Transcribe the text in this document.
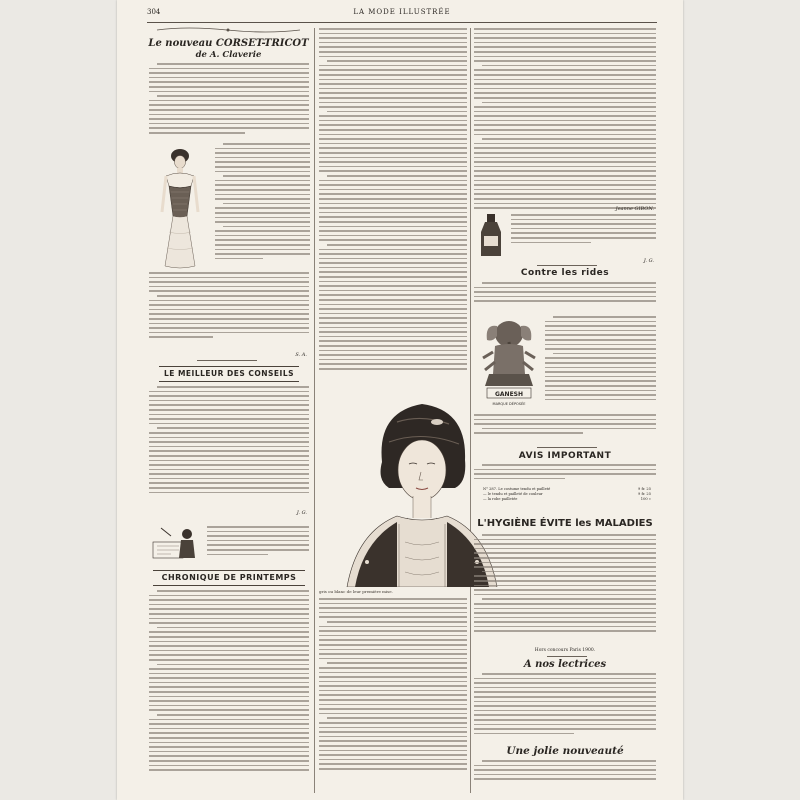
304	LA MODE ILLUSTRÉE
Le nouveau CORSET-TRICOT
de A. Claverie
S. A.
LE MEILLEUR DES CONSEILS
J. G.
CHRONIQUE DE PRINTEMPS
gris ou blanc de leur première mise.
Jeanne GIBON.
J. G.
Contre les rides
GANESH
MARQUE DÉPOSÉE
AVIS IMPORTANT
N° 287. Le costume tendu et pailleté	9 fr. 25
— le tendu et pailleté de couleur	9 fr. 25
— la robe pailletée	100 »
L'HYGIÈNE ÉVITE les MALADIES
Hors concours Paris 1900.
A nos lectrices
Une jolie nouveauté
